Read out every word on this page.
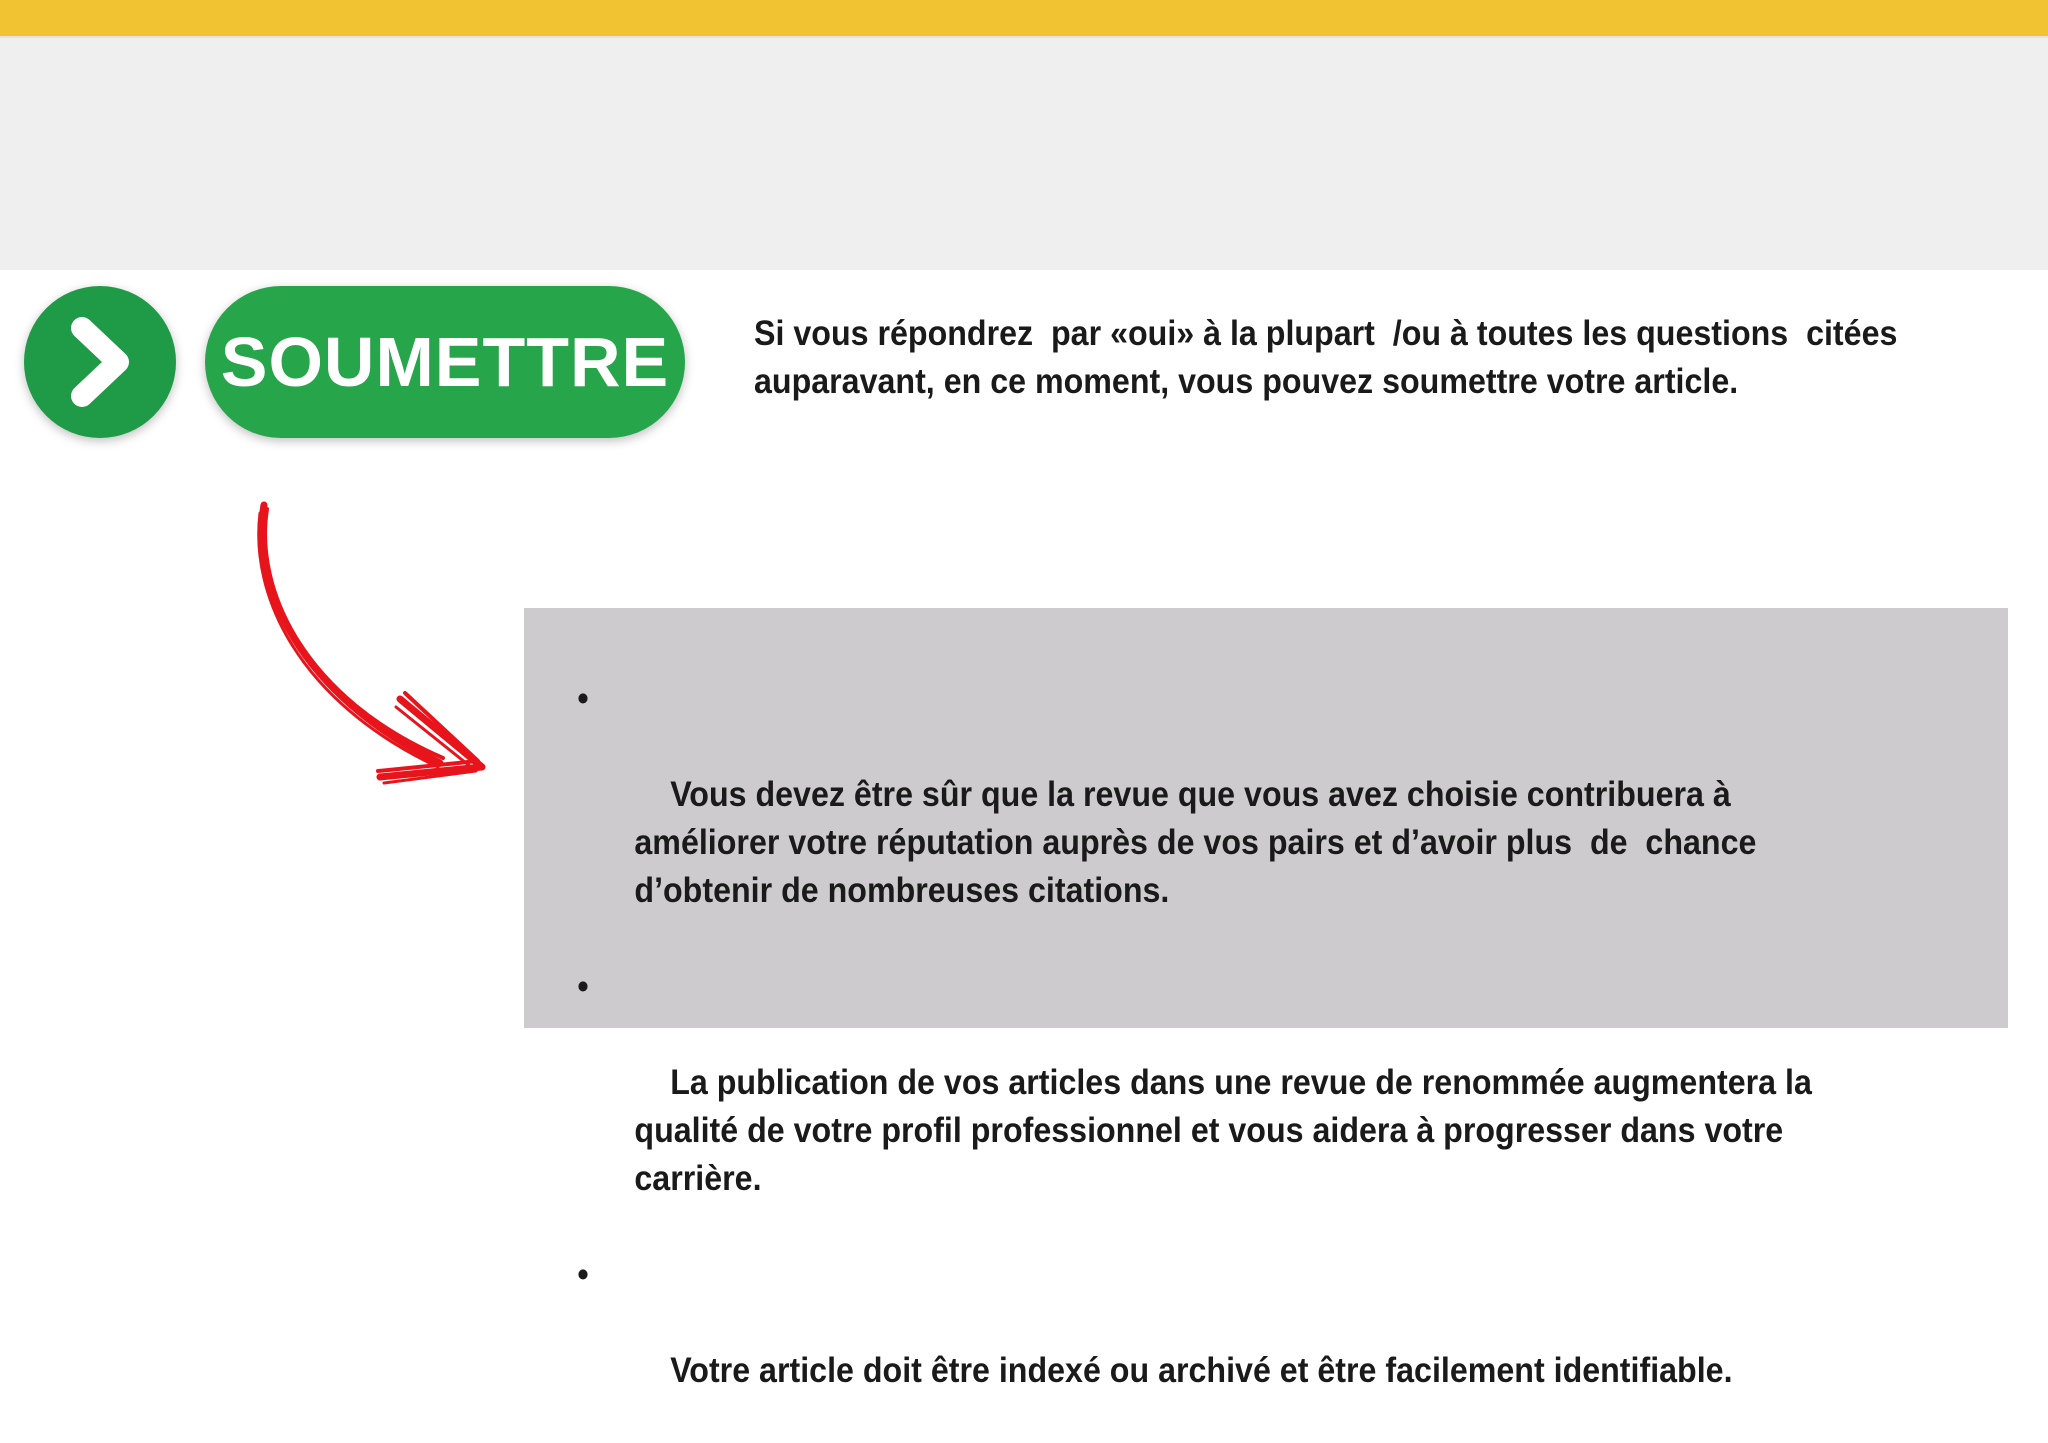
SOUMETTRE	Si vous répondrez  par «oui» à la plupart  /ou à toutes les questions  citées auparavant, en ce moment, vous pouvez soumettre votre article.

•

Vous devez être sûr que la revue que vous avez choisie contribuera à améliorer votre réputation auprès de vos pairs et d’avoir plus  de  chance d’obtenir de nombreuses citations.

•

La publication de vos articles dans une revue de renommée augmentera la qualité de votre profil professionnel et vous aidera à progresser dans votre carrière.

•

Votre article doit être indexé ou archivé et être facilement identifiable.
